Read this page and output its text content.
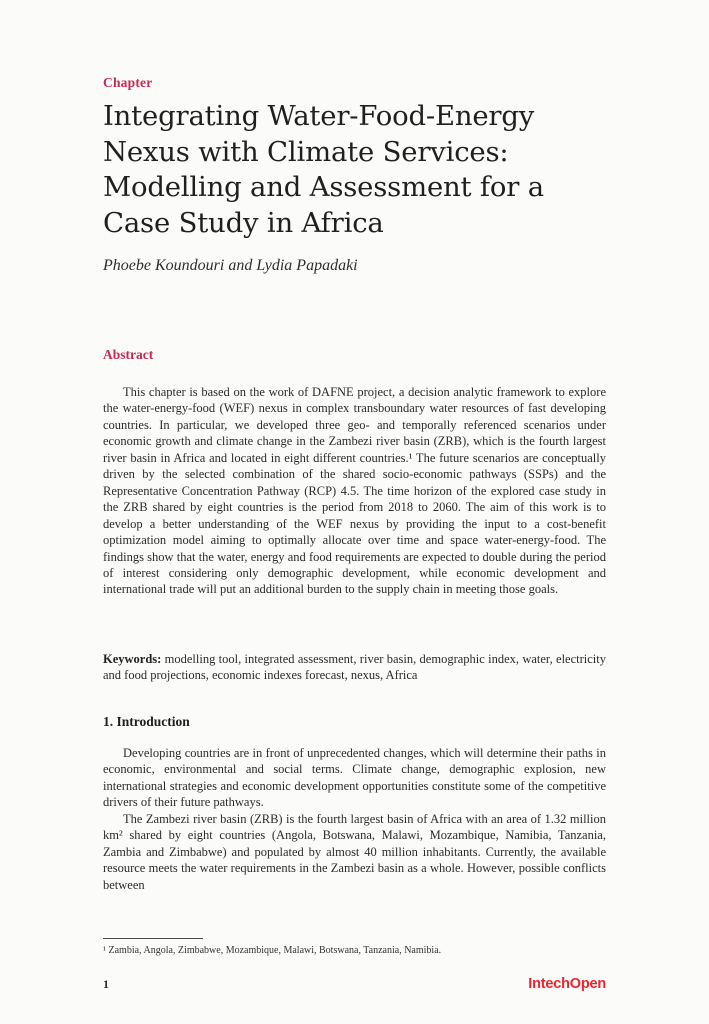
Chapter
Integrating Water-Food-Energy
Nexus with Climate Services:
Modelling and Assessment for a
Case Study in Africa
Phoebe Koundouri and Lydia Papadaki
Abstract
This chapter is based on the work of DAFNE project, a decision analytic framework to explore the water-energy-food (WEF) nexus in complex transboundary water resources of fast developing countries. In particular, we developed three geo- and temporally referenced scenarios under economic growth and climate change in the Zambezi river basin (ZRB), which is the fourth largest river basin in Africa and located in eight different countries.¹ The future scenarios are conceptually driven by the selected combination of the shared socio-economic pathways (SSPs) and the Representative Concentration Pathway (RCP) 4.5. The time horizon of the explored case study in the ZRB shared by eight countries is the period from 2018 to 2060. The aim of this work is to develop a better understanding of the WEF nexus by providing the input to a cost-benefit optimization model aiming to optimally allocate over time and space water-energy-food. The findings show that the water, energy and food requirements are expected to double during the period of interest considering only demographic development, while economic development and international trade will put an additional burden to the supply chain in meeting those goals.
Keywords: modelling tool, integrated assessment, river basin, demographic index, water, electricity and food projections, economic indexes forecast, nexus, Africa
1. Introduction

Developing countries are in front of unprecedented changes, which will determine their paths in economic, environmental and social terms. Climate change, demographic explosion, new international strategies and economic development opportunities constitute some of the competitive drivers of their future pathways.

The Zambezi river basin (ZRB) is the fourth largest basin of Africa with an area of 1.32 million km² shared by eight countries (Angola, Botswana, Malawi, Mozambique, Namibia, Tanzania, Zambia and Zimbabwe) and populated by almost 40 million inhabitants. Currently, the available resource meets the water requirements in the Zambezi basin as a whole. However, possible conflicts between

¹ Zambia, Angola, Zimbabwe, Mozambique, Malawi, Botswana, Tanzania, Namibia.
1	IntechOpen
